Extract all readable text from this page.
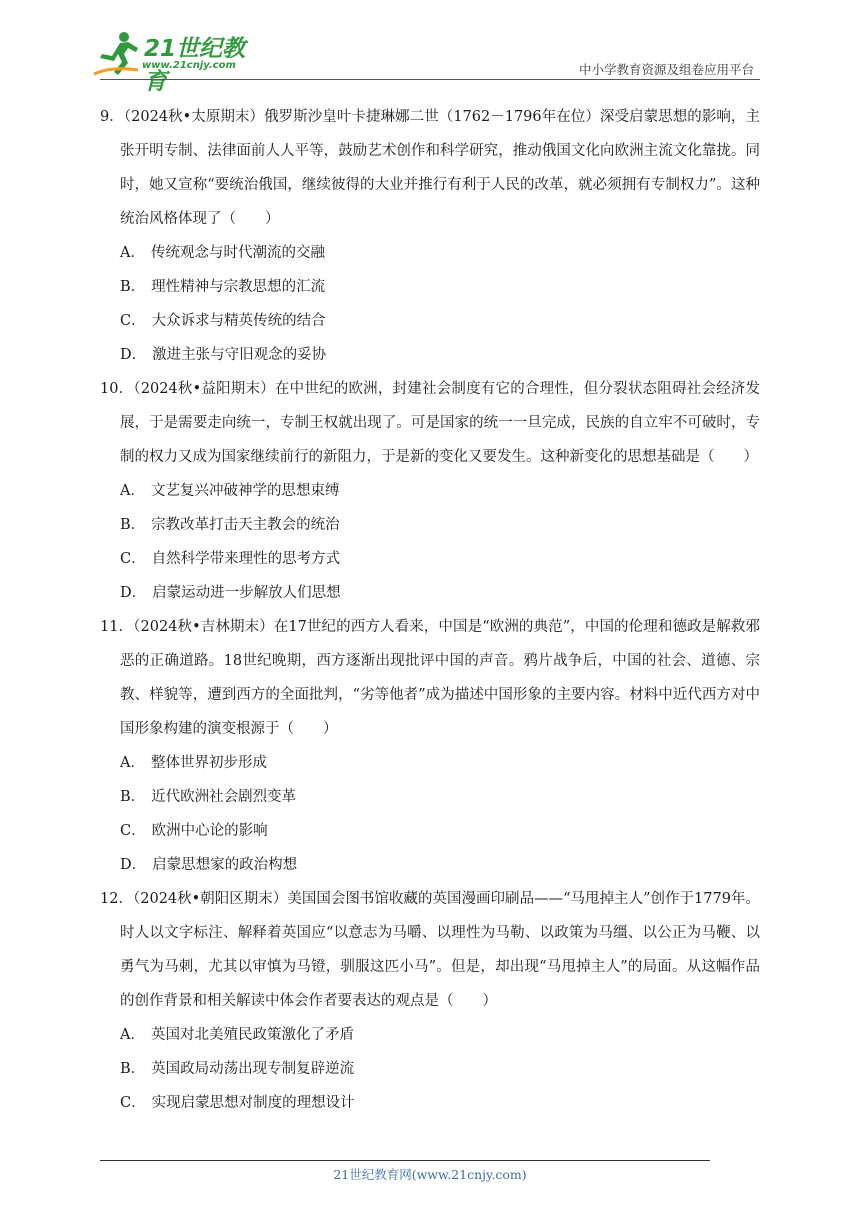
21世纪教育
www.21cnjy.com	中小学教育资源及组卷应用平台

9．（2024秋•太原期末）俄罗斯沙皇叶卡捷琳娜二世（1762－1796年在位）深受启蒙思想的影响，主张开明专制、法律面前人人平等，鼓励艺术创作和科学研究，推动俄国文化向欧洲主流文化靠拢。同时，她又宣称“要统治俄国，继续彼得的大业并推行有利于人民的改革，就必须拥有专制权力”。这种统治风格体现了（　　）

A． 传统观念与时代潮流的交融

B． 理性精神与宗教思想的汇流

C． 大众诉求与精英传统的结合

D． 激进主张与守旧观念的妥协

10．（2024秋•益阳期末）在中世纪的欧洲，封建社会制度有它的合理性，但分裂状态阻碍社会经济发展，于是需要走向统一，专制王权就出现了。可是国家的统一一旦完成，民族的自立牢不可破时，专制的权力又成为国家继续前行的新阻力，于是新的变化又要发生。这种新变化的思想基础是（　　）

A． 文艺复兴冲破神学的思想束缚

B． 宗教改革打击天主教会的统治

C． 自然科学带来理性的思考方式

D． 启蒙运动进一步解放人们思想

11．（2024秋•吉林期末）在17世纪的西方人看来，中国是“欧洲的典范”，中国的伦理和德政是解救邪恶的正确道路。18世纪晚期，西方逐渐出现批评中国的声音。鸦片战争后，中国的社会、道德、宗教、样貌等，遭到西方的全面批判，“劣等他者”成为描述中国形象的主要内容。材料中近代西方对中国形象构建的演变根源于（　　）

A． 整体世界初步形成

B． 近代欧洲社会剧烈变革

C． 欧洲中心论的影响

D． 启蒙思想家的政治构想

12．（2024秋•朝阳区期末）美国国会图书馆收藏的英国漫画印刷品——“马甩掉主人”创作于1779年。时人以文字标注、解释着英国应“以意志为马嚼、以理性为马勒、以政策为马缰、以公正为马鞭、以勇气为马刺，尤其以审慎为马镫，驯服这匹小马”。但是，却出现“马甩掉主人”的局面。从这幅作品的创作背景和相关解读中体会作者要表达的观点是（　　）

A． 英国对北美殖民政策激化了矛盾

B． 英国政局动荡出现专制复辟逆流

C． 实现启蒙思想对制度的理想设计

21世纪教育网(www.21cnjy.com)
